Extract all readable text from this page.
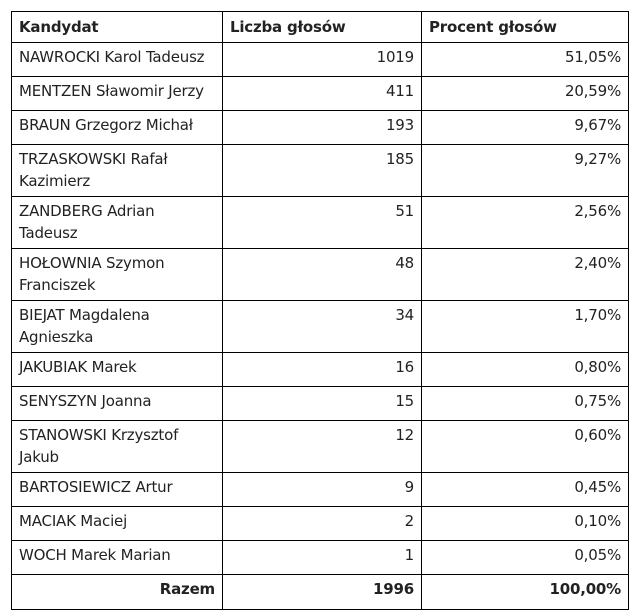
Kandydat	Liczba głosów	Procent głosów
NAWROCKI Karol Tadeusz	1019	51,05%
MENTZEN Sławomir Jerzy	411	20,59%
BRAUN Grzegorz Michał	193	9,67%
TRZASKOWSKI Rafał Kazimierz	185	9,27%
ZANDBERG Adrian Tadeusz	51	2,56%
HOŁOWNIA Szymon Franciszek	48	2,40%
BIEJAT Magdalena Agnieszka	34	1,70%
JAKUBIAK Marek	16	0,80%
SENYSZYN Joanna	15	0,75%
STANOWSKI Krzysztof Jakub	12	0,60%
BARTOSIEWICZ Artur	9	0,45%
MACIAK Maciej	2	0,10%
WOCH Marek Marian	1	0,05%
Razem	1996	100,00%
